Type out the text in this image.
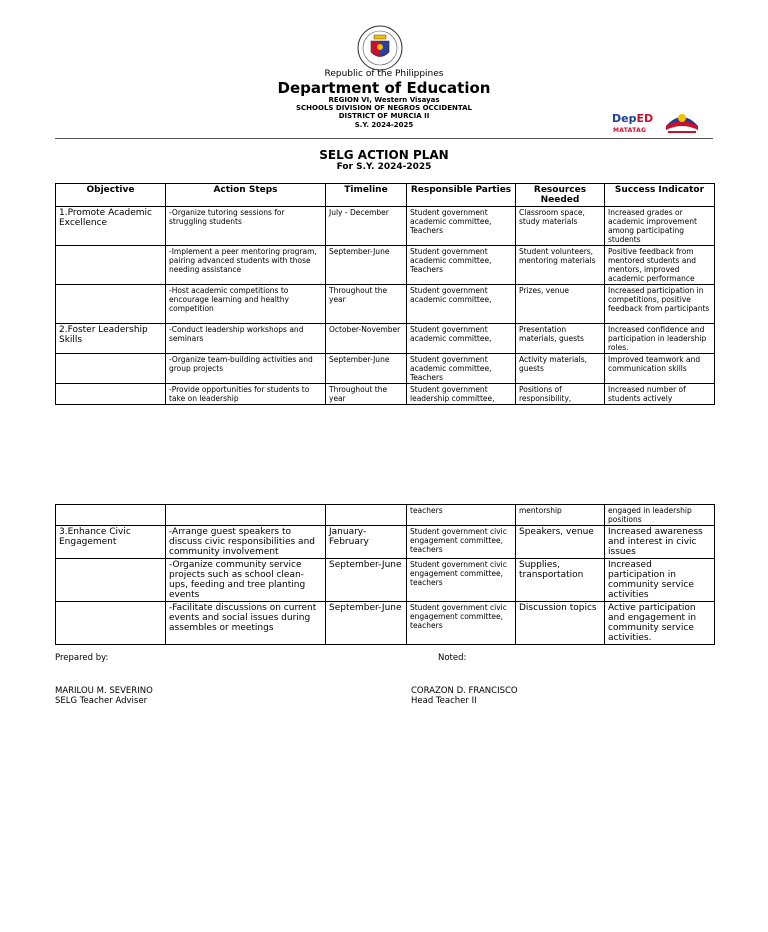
Republic of the Philippines
Department of Education
REGION VI, Western Visayas
SCHOOLS DIVISION OF NEGROS OCCIDENTAL
DISTRICT OF MURCIA II
S.Y. 2024-2025	DepED
MATATAG
SELG ACTION PLAN
For S.Y. 2024-2025
Objective	Action Steps	Timeline	Responsible Parties	Resources Needed	Success Indicator
1.Promote Academic Excellence	-Organize tutoring sessions for struggling students	July - December	Student government academic committee, Teachers	Classroom space, study materials	Increased grades or academic improvement among participating students
	-Implement a peer mentoring program, pairing advanced students with those needing assistance	September-June	Student government academic committee, Teachers	Student volunteers, mentoring materials	Positive feedback from mentored students and mentors, improved academic performance
	-Host academic competitions to encourage learning and healthy competition	Throughout the year	Student government academic committee,	Prizes, venue	Increased participation in competitions, positive feedback from participants
2.Foster Leadership Skills	-Conduct leadership workshops and seminars	October-November	Student government academic committee,	Presentation materials, guests	Increased confidence and participation in leadership roles.
	-Organize team-building activities and group projects	September-June	Student government academic committee, Teachers	Activity materials, guests	Improved teamwork and communication skills
	-Provide opportunities for students to take on leadership	Throughout the year	Student government leadership committee,	Positions of responsibility,	Increased number of students actively
			teachers	mentorship	engaged in leadership positions
3.Enhance Civic Engagement	-Arrange guest speakers to discuss civic responsibilities and community involvement	January-February	Student government civic engagement committee, teachers	Speakers, venue	Increased awareness and interest in civic issues
	-Organize community service projects such as school clean-ups, feeding and tree planting events	September-June	Student government civic engagement committee, teachers	Supplies, transportation	Increased participation in community service activities
	-Facilitate discussions on current events and social issues during assembles or meetings	September-June	Student government civic engagement committee, teachers	Discussion topics	Active participation and engagement in community service activities.
Prepared by:	Noted:
MARILOU M. SEVERINO
SELG Teacher Adviser
CORAZON D. FRANCISCO
Head Teacher II
